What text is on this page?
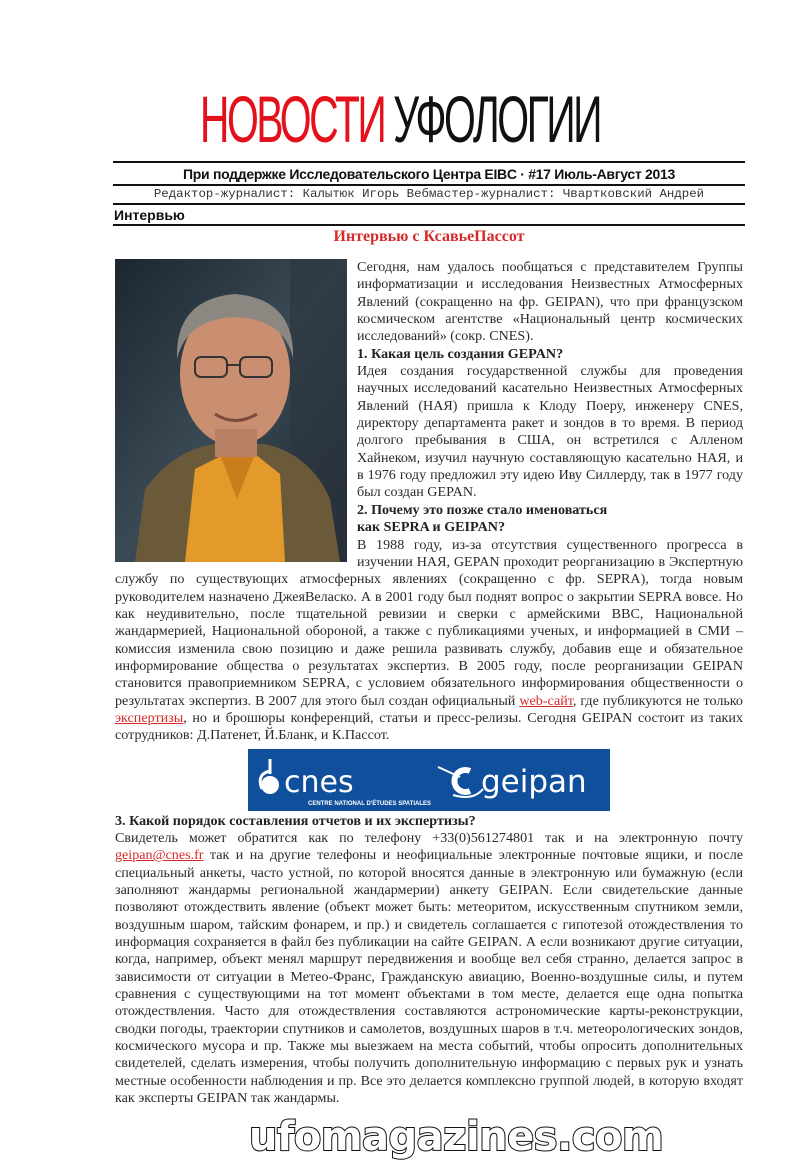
НОВОСТИ УФОЛОГИИ
При поддержке Исследовательского Центра EIBC · #17 Июль-Август 2013
Редактор-журналист: Калытюк Игорь Вебмастер-журналист: Чвартковский Андрей
Интервью
Интервью с КсавьеПассот

Сегодня, нам удалось пообщаться с представителем Группы информатизации и исследования Неизвестных Атмосферных Явлений (сокращенно на фр. GEIPAN), что при французском космическом агентстве «Национальный центр космических исследований» (сокр. CNES).

1. Какая цель создания GEPAN?

Идея создания государственной службы для проведения научных исследований касательно Неизвестных Атмосферных Явлений (НАЯ) пришла к Клоду Поеру, инженеру CNES, директору департамента ракет и зондов в то время. В период долгого пребывания в США, он встретился с Алленом Хайнеком, изучил научную составляющую касательно НАЯ, и в 1976 году предложил эту идею Иву Силлерду, так в 1977 году был создан GEPAN.

2. Почему это позже стало именоваться
как SEPRA и GEIPAN?

В 1988 году, из-за отсутствия существенного прогресса в изучении НАЯ, GEPAN проходит реорганизацию в Экспертную службу по существующих атмосферных явлениях (сокращенно с фр. SEPRA), тогда новым руководителем назначено ДжеяВеласко. А в 2001 году был поднят вопрос о закрытии SEPRA вовсе. Но как неудивительно, после тщательной ревизии и сверки с армейскими ВВС, Национальной жандармерией, Национальной обороной, а также с публикациями ученых, и информацией в СМИ – комиссия изменила свою позицию и даже решила развивать службу, добавив еще и обязательное информирование общества о результатах экспертиз. В 2005 году, после реорганизации GEIPAN становится правоприемником SEPRA, с условием обязательного информирования общественности о результатах экспертиз. В 2007 для этого был создан официальный web-сайт, где публикуются не только экспертизы, но и брошюры конференций, статьи и пресс-релизы. Сегодня GEIPAN состоит из таких сотрудников: Д.Патенет, Й.Бланк, и К.Пассот.

cnes
CENTRE NATIONAL D'ÉTUDES SPATIALES
geipan
3. Какой порядок составления отчетов и их экспертизы?

Свидетель может обратится как по телефону +33(0)561274801 так и на электронную почту geipan@cnes.fr так и на другие телефоны и неофициальные электронные почтовые ящики, и после специальный анкеты, часто устной, по которой вносятся данные в электронную или бумажную (если заполняют жандармы региональной жандармерии) анкету GEIPAN. Если свидетельские данные позволяют отождествить явление (объект может быть: метеоритом, искусственным спутником земли, воздушным шаром, тайским фонарем, и пр.) и свидетель соглашается с гипотезой отождествления то информация сохраняется в файл без публикации на сайте GEIPAN. А если возникают другие ситуации, когда, например, объект менял маршрут передвижения и вообще вел себя странно, делается запрос в зависимости от ситуации в Метео-Франс, Гражданскую авиацию, Военно-воздушные силы, и путем сравнения с существующими на тот момент объектами в том месте, делается еще одна попытка отождествления. Часто для отождествления составляются астрономические карты-реконструкции, сводки погоды, траектории спутников и самолетов, воздушных шаров в т.ч. метеорологических зондов, космического мусора и пр. Также мы выезжаем на места событий, чтобы опросить дополнительных свидетелей, сделать измерения, чтобы получить дополнительную информацию с первых рук и узнать местные особенности наблюдения и пр. Все это делается комплексно группой людей, в которую входят как эксперты GEIPAN так жандармы.

ufomagazines.com
